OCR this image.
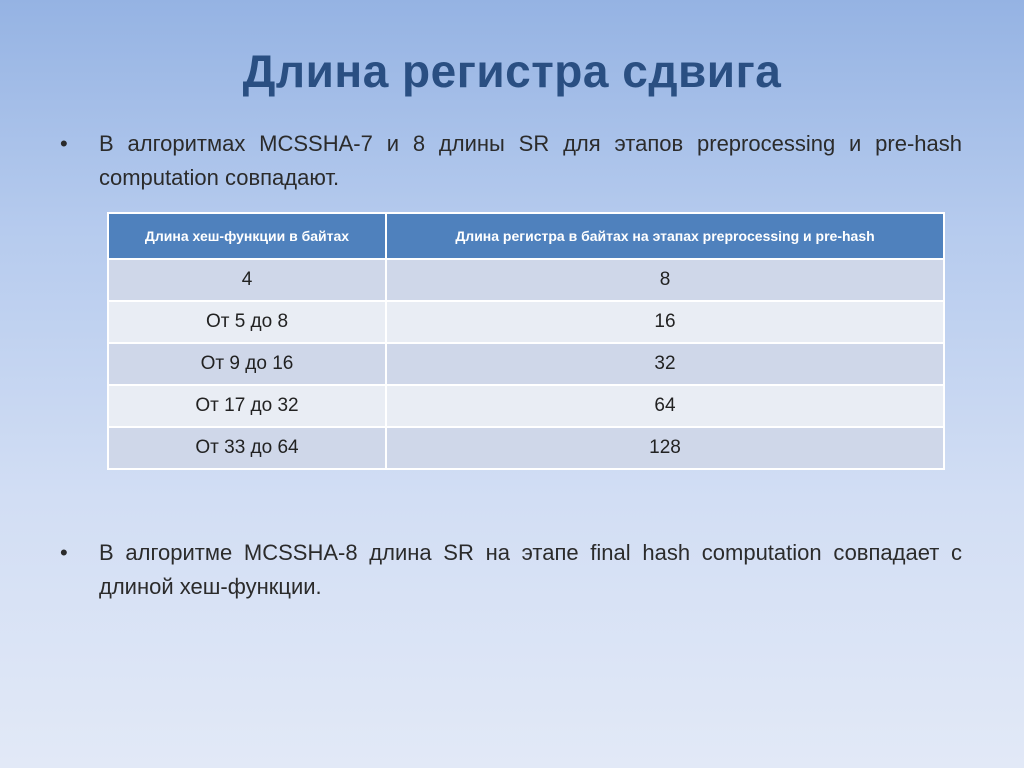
Длина регистра сдвига
•	В алгоритмах MCSSHA-7 и 8 длины SR для этапов preprocessing и pre-hash computation совпадают.
Длина хеш-функции в байтах	Длина регистра в байтах на этапах preprocessing и pre-hash
4	8
От 5 до 8	16
От 9 до 16	32
От 17 до 32	64
От 33 до 64	128
•	В алгоритме MCSSHA-8 длина SR на этапе final hash computation совпадает с длиной хеш-функции.
